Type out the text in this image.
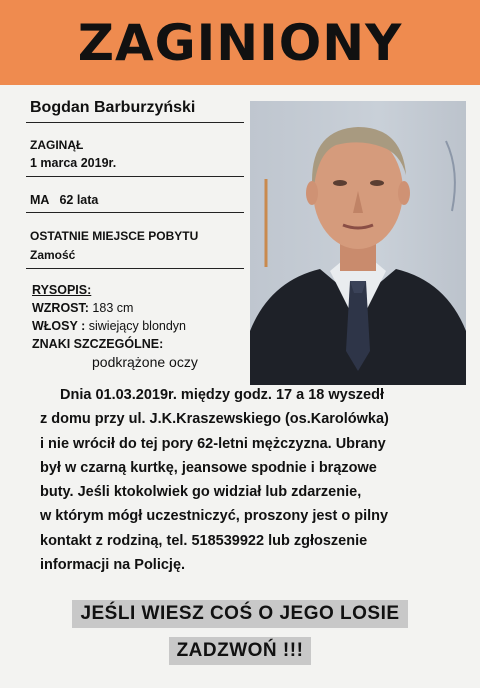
ZAGINIONY
Bogdan Barburzyński
ZAGINĄŁ
1 marca 2019r.
MA 62 lata
OSTATNIE MIEJSCE POBYTU
Zamość
RYSOPIS:
WZROST: 183 cm
WŁOSY : siwiejący blondyn
ZNAKI SZCZEGÓLNE:
podkrążone oczy
Dnia 01.03.2019r. między godz. 17 a 18 wyszedł
z domu przy ul. J.K.Kraszewskiego (os.Karolówka)
i nie wrócił do tej pory 62-letni mężczyzna. Ubrany
był w czarną kurtkę, jeansowe spodnie i brązowe
buty. Jeśli ktokolwiek go widział lub zdarzenie,
w którym mógł uczestniczyć, proszony jest o pilny
kontakt z rodziną, tel. 518539922 lub zgłoszenie
informacji na Policję.
JEŚLI WIESZ COŚ O JEGO LOSIE
ZADZWOŃ !!!
